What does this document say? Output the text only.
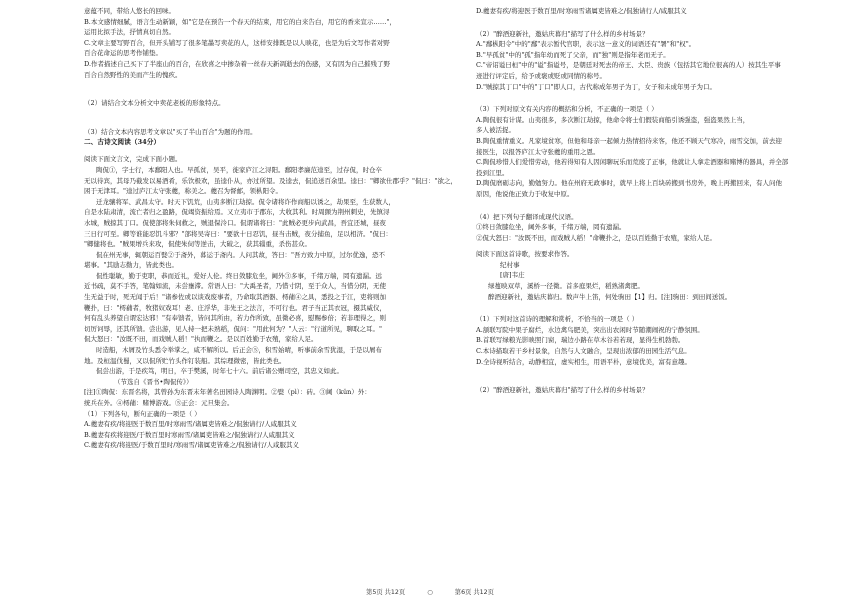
意蕴不同，带给人悠长的回味。
B.本文感情细腻，语言生动新颖，如"它是在预告一个春天的结束，用它的白来告白，用它的香来宣示……"，
运用比拟手法，抒情真切自然。
C.文章主要写野百合，但开头铺写了很多笔墨写卖花的人，这样安排既是以人映花，也是为后文写作者对野
百合花命运的思考作铺垫。
D.作者描述自己买下了半座山的百合，在欣喜之中掺杂着一丝春天新凋逝去的伤感，又有因为自己摧残了野
百合自然野性的美而产生的愧疚。
（2）请结合文本分析文中卖花老板的形象特点。
（3）结合文本内容思考文章以"买了半山百合"为题的作用。
二、古诗文阅读（34分）
阅读下面文言文，完成下面小题。
陶侃①，字士行，本鄱阳人也。早孤贫，吴平，徙家庐江之浔阳。鄱阳孝廉范逵至，过存侃，时仓卒
无以待宾，其母乃截发以易酒肴，乐饮极欢，虽逵仆从，亦过所望。及逵去，侃追送百余里。逵曰："卿欲仕郡乎？"侃曰："欲之，
困于无津耳。"逵过庐江太守张夔，称美之。夔召为督邮，领枞阳令。
迁龙骧将军、武昌太守。时天下饥荒，山夷多断江劫掠。侃令诸将诈作商船以诱之，劫果至，生获数人，
自是水陆肃清，流亡者归之盈路，侃竭资振给焉。又立夷市于郡东，大收其利。时周顗为荆州刺史，先镇浔
水城，贼掠其丁口。侃使部将朱伺救之，贼退保泠口。侃谓诸将曰："此贼必更步向武昌，吾宜还城，昼夜
三日行可至。卿等谁能忍饥斗邪？"部将吴寄曰："要欲十日忍饥，昼当击贼，夜分捕鱼，足以相济。"侃曰：
"卿健将也。"贼果增兵来攻，侃使朱伺等逆击，大破之，获其辎重，杀伤甚众。
侃在州无事，辄朝运百甓②于斋外，暮运于斋内。人问其故，答曰："吾方致力中原，过尔优逸，恐不
堪事。"其励志勤力，皆此类也。
侃性聪敏，勤于吏职，恭而近礼，爱好人伦。终日敛膝危坐，阃外③多事，千绪万端，罔有遗漏。远
近书疏，莫不手答，笔翰如流，未尝壅滞。常语人曰："大禹圣者，乃惜寸阴，至于众人，当惜分阴，无使
生无益于时，死无闻于后！"诸参佐或以谈戏废事者，乃命取其酒器、樗蒱④之具，悉投之于江，吏将则加
鞭扑，曰："樗蒱者，牧猪奴戏耳！老、庄浮华，非先王之法言，不可行也。君子当正其衣冠，摄其威仪，
何有乱头养望自谓宏达邪！"有奉馈者，皆问其所由，若力作所致，虽微必喜，慰赐参倍；若非理得之，则
切厉诃辱，还其所馈。尝出游，见人持一把未熟稻，侃问："用此何为？"人云："行道所见，聊取之耳。"
侃大怒曰："汝既不田，而戏贼人稻！"执而鞭之。是以百姓勤于农殖，家给人足。
时造船，木屑及竹头悉令举掌之，咸不解所以。后正会⑤，积雪始晴，听事前余雪犹湿，于是以屑布
地。及桓温伐蜀，又以侃所贮竹头作钉装船。其综理微密，皆此类也。
侃尝出游，于是疾笃，明日，卒于樊溪，时年七十六。前后诸公赠司空，其忠义如此。
（节选自《晋书•陶侃传》）
[注]①陶侃：东晋名将，其曾孙为东晋末年著名田园诗人陶渊明。②甓（pì）：砖。③阃（kǔn）外：
统兵在外。④樗蒱：赌博游戏。⑤正会：元旦集会。
（1）下列各句，断句正确的一项是（ ）
A.夔妻有疾/将迎医于数百里/时寒雨雪/诸属吏皆难之/侃独请行/人咸服其义
B.夔妻有疾将迎医/于数百里时寒雨雪/诸属吏皆难之/侃独请行/人咸服其义
C.夔妻有疾/将迎医/于数百里时/寒雨雪/诸属吏皆难之/侃独请行/人咸服其义
D.夔妻有疾/将迎医于数百里/时寒雨雪诸属吏皆难之/侃独请行人/咸服其义
（2）"醉酒迎新社，邀姑庆暮归"描写了什么样的乡村场景？
A."鄱枞阳令"中的"鄱"表示暂代官职，表示这一意义的词语还有"署"和"权"。
B."早孤贫"中的"孤"指年幼而死了父亲，而"独"则是指年老而无子。
C."帝诏谥曰桓"中的"谥"指谥号，是朝廷对死去的帝王、大臣、贵族（包括其它地位很高的人）按其生平事
迹进行评定后，给予或褒或贬或同情的称号。
D."贼掠其丁口"中的"丁口"即人口，古代称成年男子为丁，女子和未成年男子为口。
（3）下列对原文有关内容的概括和分析，不正确的一项是（ ）
A.陶侃很有计谋。山夷很多，多次断江劫掠，他命令将士们假装商船引诱强盗，强盗果然上当，
多人被活捉。
B.陶侃重情重义。凡家境贫寒，但他和母亲一起倾力热情招待来客，他还不顾天气寒冷，雨雪交加，前去迎
接医生，以报答庐江太守张夔的重用之恩。
C.陶侃珍惜人们爱惜劳动，他若得知有人因闲聊玩乐而荒废了正事，他就让人拿走酒器和赌博的器具，并全部
投到江里。
D.陶侃磨砺志向，勤勉努力。他在州府无政事时，就早上将上百块砖搬到书房外，晚上再搬回来，有人问他
原因，他说他正致力于收复中原。
（4）把下列句子翻译成现代汉语。
①终日敛膝危坐，阃外多事，千绪万端，罔有遗漏。
②侃大怒曰："汝既不田，而戏贼人稻！"命鞭扑之，是以百姓勤于农殖，家给人足。
阅读下面这首诗歌，按要求作答。
纪村事
[唐]韦庄
绿蔓映双草，溪桥一径微。首多庭果烂，稻熟渚禽肥。
醉酒迎新社，邀姑庆暮归。数声牛上笛，何处驹田【1】归。[注]驹田：到田间送饭。
（1）下列对这首诗的理解和赏析，不恰当的一项是（ ）
A.颔联写院中果子腐烂，水边禽鸟肥美，突出出农闲时节随潮闹祝的宁静氛围。
B.首联写绿粮光影映照门窗，瑞边小路在草木谷若若现，显得生机勃勃。
C.本诗描取若干乡村景象，自然与人文融合，呈现出浓郁的田园生活气息。
D.全诗视听结合，动静相宜，虚实相生，用语平朴，意境优美，富有意趣。
（2）"醉酒迎新社，邀姑庆暮归"描写了什么样的乡村场景？
第5页 共12页	○	第6页 共12页
